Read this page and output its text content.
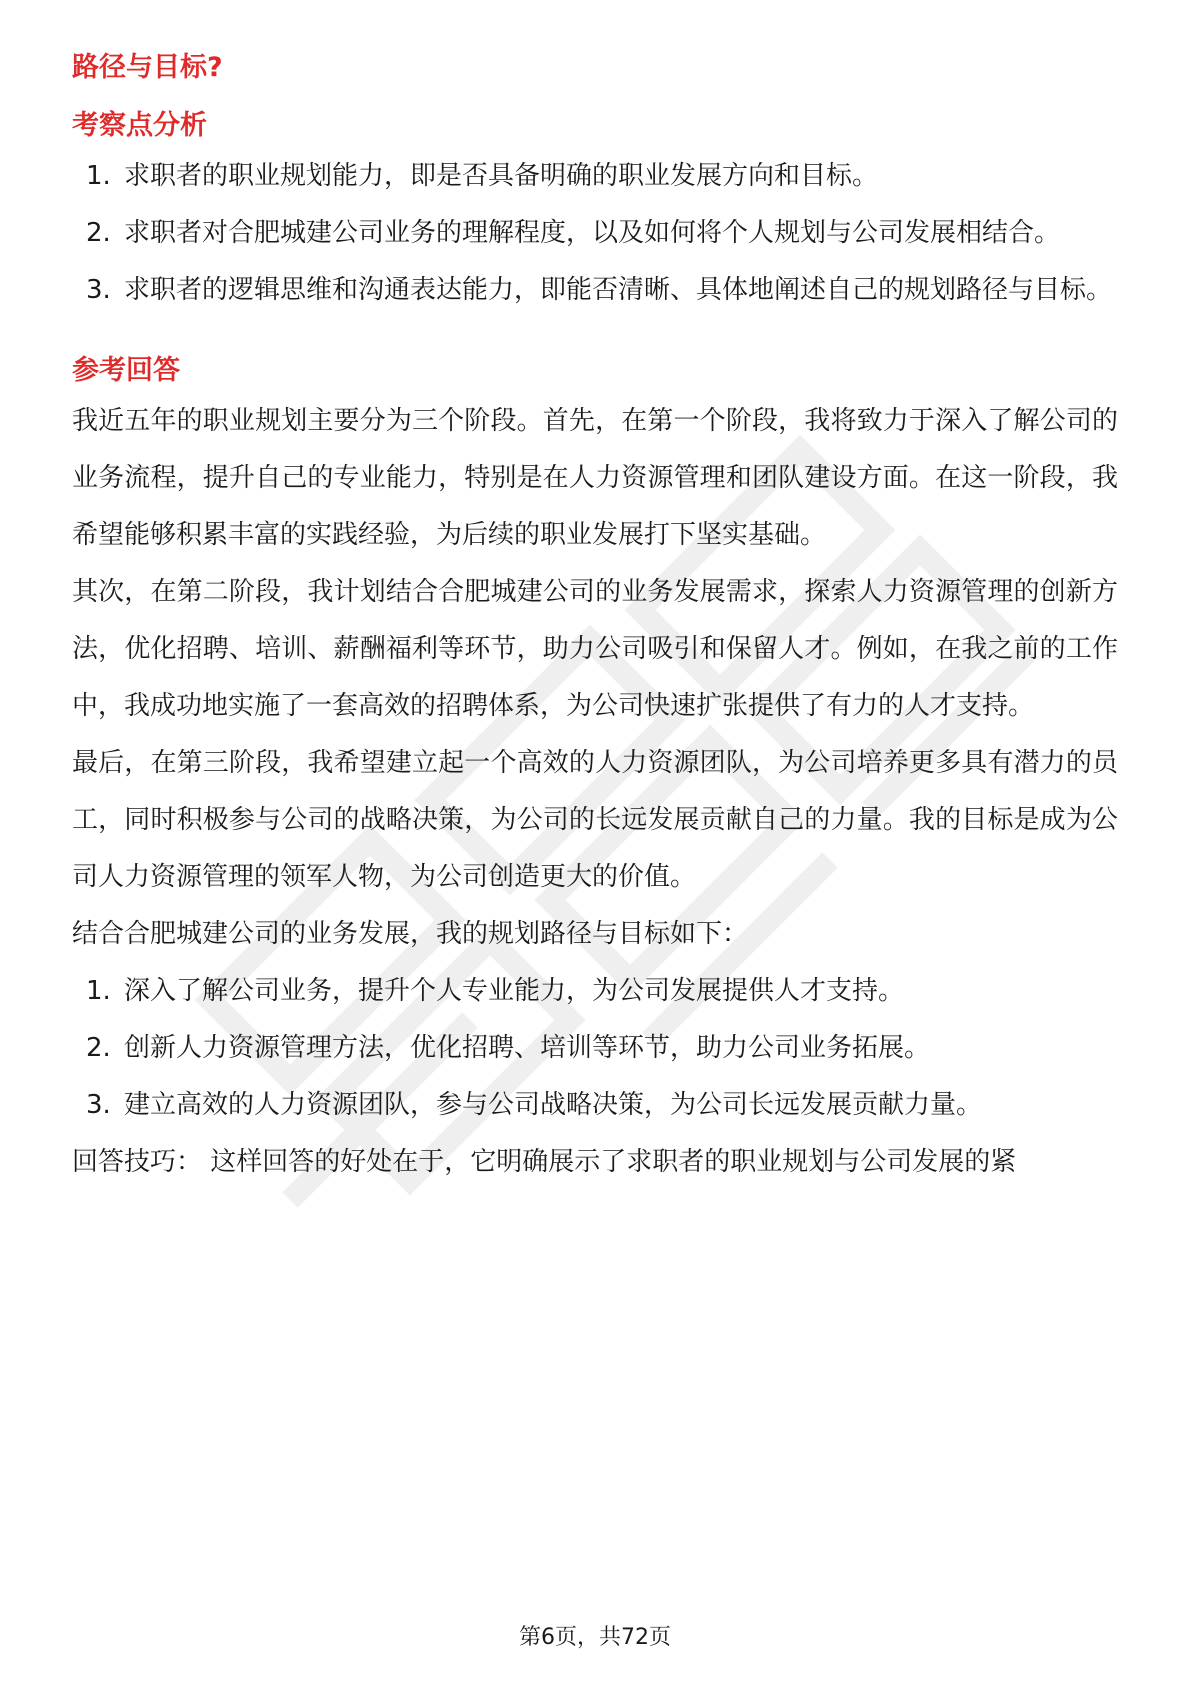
路径与目标?
考察点分析
1. 求职者的职业规划能力，即是否具备明确的职业发展方向和目标。
2. 求职者对合肥城建公司业务的理解程度，以及如何将个人规划与公司发展相结合。
3. 求职者的逻辑思维和沟通表达能力，即能否清晰、具体地阐述自己的规划路径与目标。
参考回答

我近五年的职业规划主要分为三个阶段。首先，在第一个阶段，我将致力于深入了解公司的业务流程，提升自己的专业能力，特别是在人力资源管理和团队建设方面。在这一阶段，我希望能够积累丰富的实践经验，为后续的职业发展打下坚实基础。

其次，在第二阶段，我计划结合合肥城建公司的业务发展需求，探索人力资源管理的创新方法，优化招聘、培训、薪酬福利等环节，助力公司吸引和保留人才。例如，在我之前的工作中，我成功地实施了一套高效的招聘体系，为公司快速扩张提供了有力的人才支持。

最后，在第三阶段，我希望建立起一个高效的人力资源团队，为公司培养更多具有潜力的员工，同时积极参与公司的战略决策，为公司的长远发展贡献自己的力量。我的目标是成为公司人力资源管理的领军人物，为公司创造更大的价值。

结合合肥城建公司的业务发展，我的规划路径与目标如下：

1. 深入了解公司业务，提升个人专业能力，为公司发展提供人才支持。
2. 创新人力资源管理方法，优化招聘、培训等环节，助力公司业务拓展。
3. 建立高效的人力资源团队，参与公司战略决策，为公司长远发展贡献力量。

回答技巧： 这样回答的好处在于，它明确展示了求职者的职业规划与公司发展的紧

第6页，共72页
